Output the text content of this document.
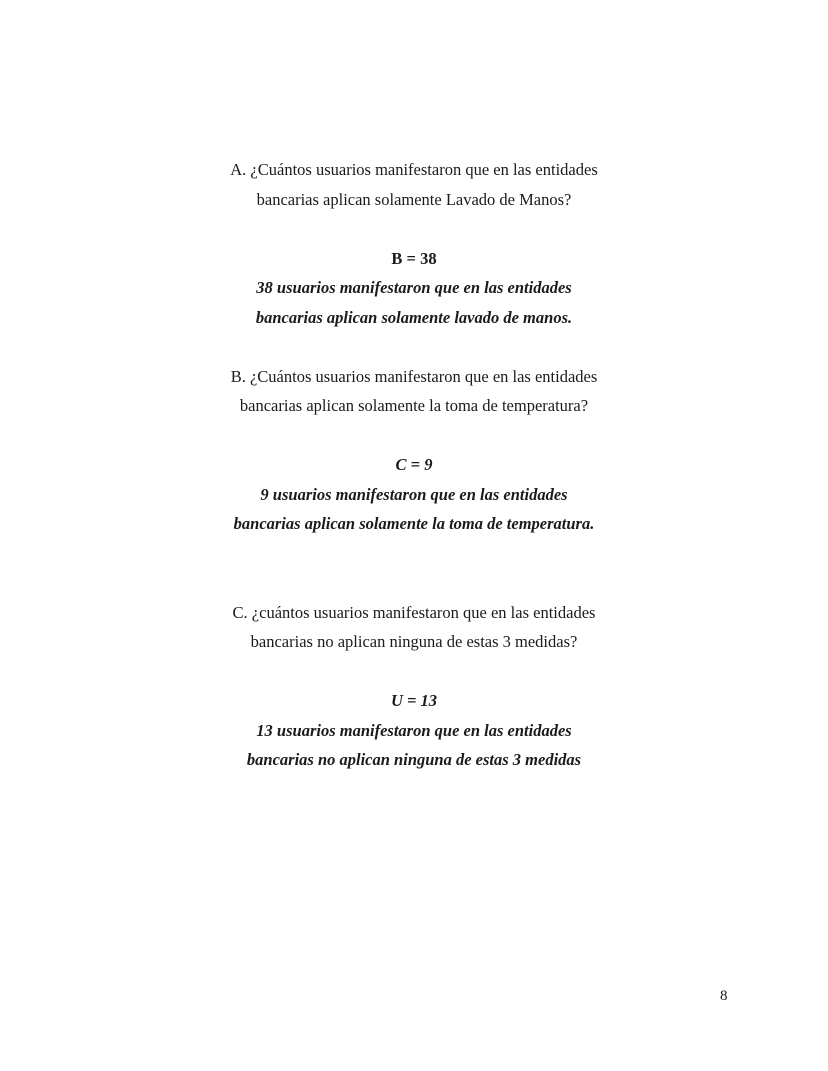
A. ¿Cuántos usuarios manifestaron que en las entidades
bancarias aplican solamente Lavado de Manos?
B = 38
38 usuarios manifestaron que en las entidades
bancarias aplican solamente lavado de manos.
B. ¿Cuántos usuarios manifestaron que en las entidades
bancarias aplican solamente la toma de temperatura?
C = 9
9 usuarios manifestaron que en las entidades
bancarias aplican solamente la toma de temperatura.
C. ¿cuántos usuarios manifestaron que en las entidades
bancarias no aplican ninguna de estas 3 medidas?
U = 13
13 usuarios manifestaron que en las entidades
bancarias no aplican ninguna de estas 3 medidas
8
